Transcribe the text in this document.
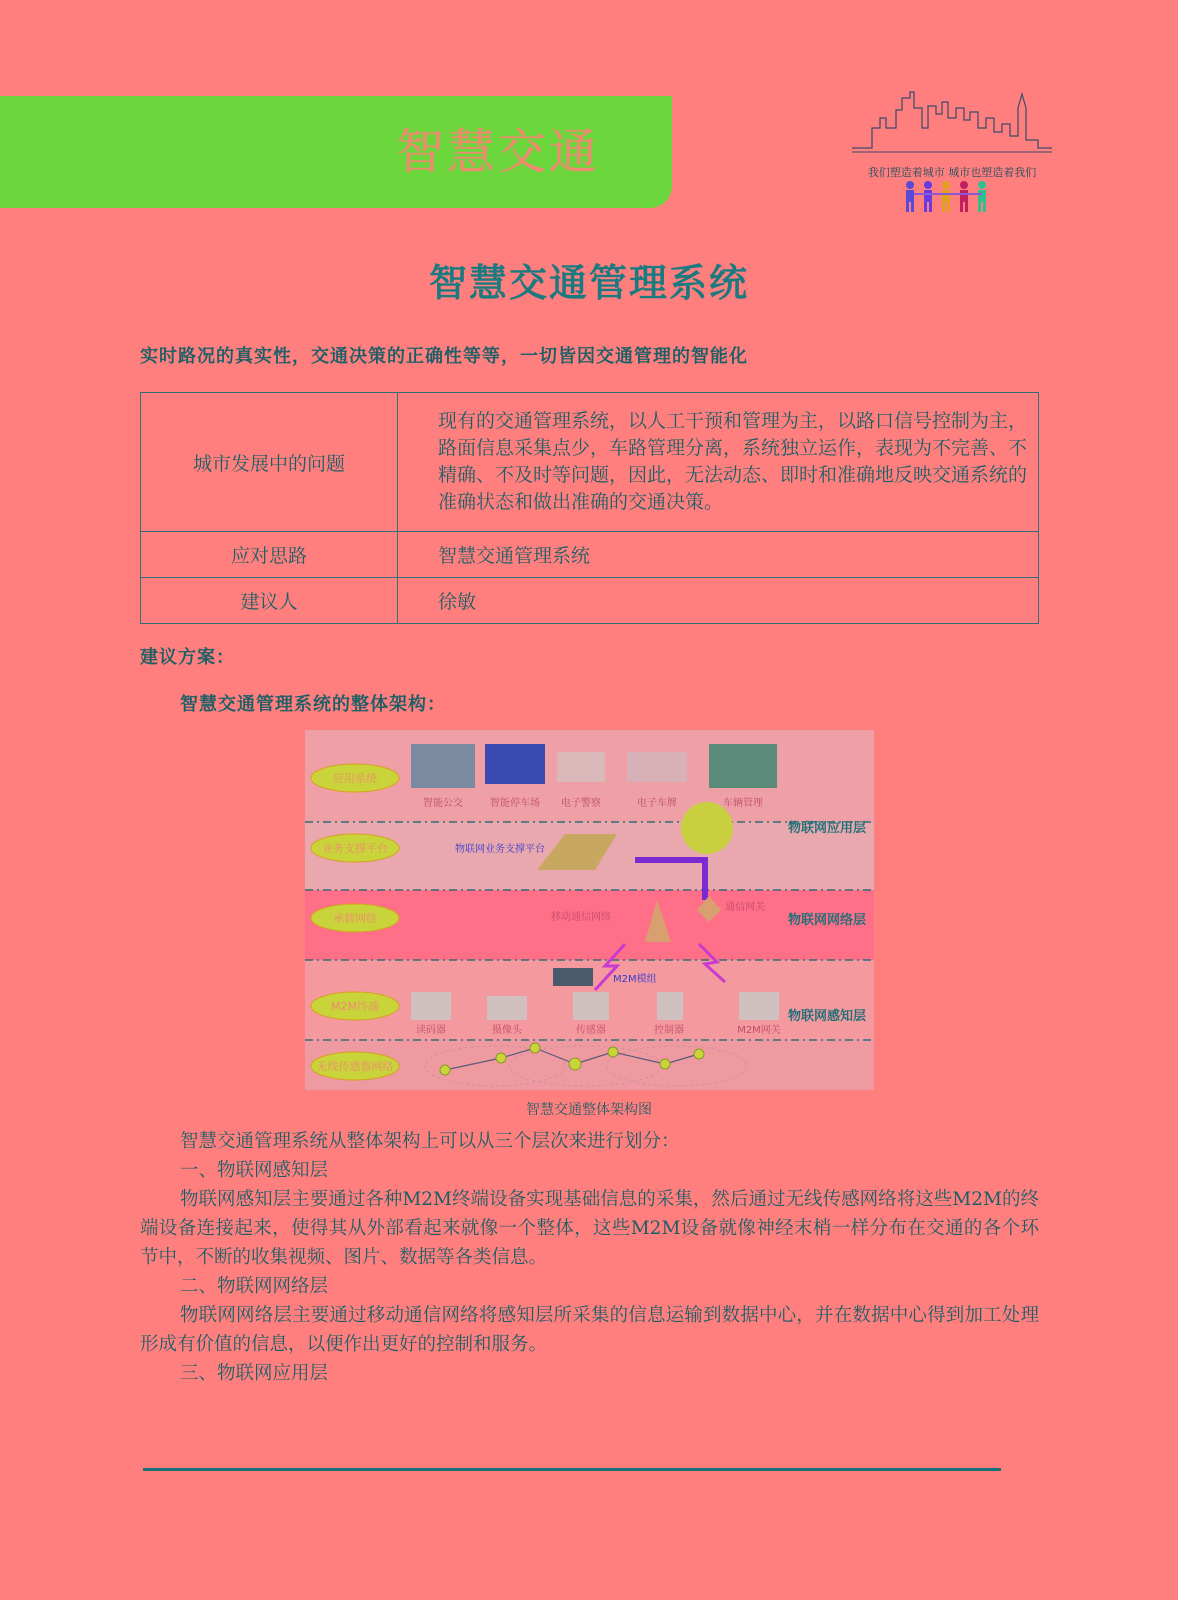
智慧交通	我们塑造着城市 城市也塑造着我们
智慧交通管理系统
实时路况的真实性，交通决策的正确性等等，一切皆因交通管理的智能化
城市发展中的问题	现有的交通管理系统，以人工干预和管理为主，以路口信号控制为主，路面信息采集点少，车路管理分离，系统独立运作，表现为不完善、不精确、不及时等问题，因此，无法动态、即时和准确地反映交通系统的准确状态和做出准确的交通决策。
应对思路	智慧交通管理系统
建议人	徐敏
建议方案：
智慧交通管理系统的整体架构：
应用系统
业务支撑平台
承载网络
M2M终端
无线传感器网络
智能公交	智能停车场 电子警察	电子车牌	车辆管理
物联网业务支撑平台
移动通信网络
通信网关
M2M模组
读码器	摄像头	传感器	控制器	M2M网关
物联网应用层
物联网网络层
物联网感知层
智慧交通整体架构图

智慧交通管理系统从整体架构上可以从三个层次来进行划分：

一、物联网感知层

物联网感知层主要通过各种M2M终端设备实现基础信息的采集，然后通过无线传感网络将这些M2M的终端设备连接起来，使得其从外部看起来就像一个整体，这些M2M设备就像神经末梢一样分布在交通的各个环节中，不断的收集视频、图片、数据等各类信息。

二、物联网网络层

物联网网络层主要通过移动通信网络将感知层所采集的信息运输到数据中心，并在数据中心得到加工处理形成有价值的信息，以便作出更好的控制和服务。

三、物联网应用层
